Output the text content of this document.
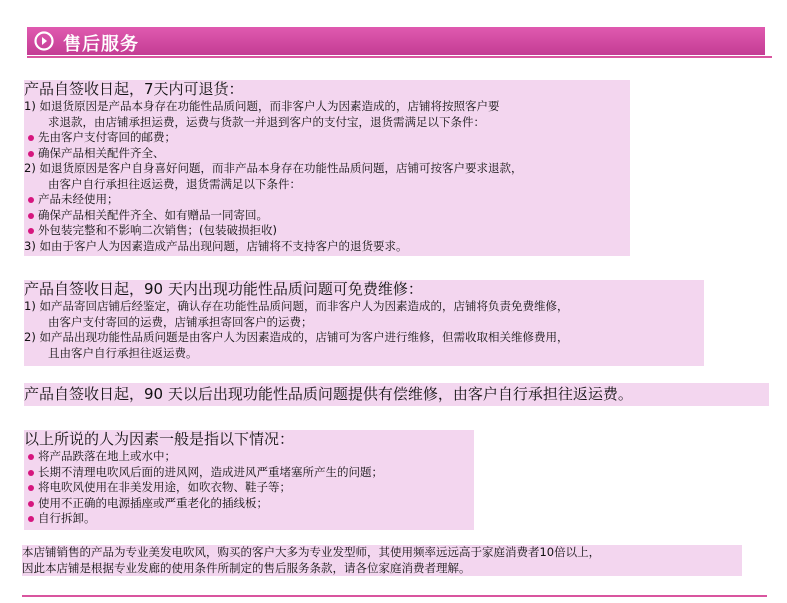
售后服务
产品自签收日起，7天内可退货：
1) 如退货原因是产品本身存在功能性品质问题，而非客户人为因素造成的，店铺将按照客户要
求退款，由店铺承担运费，运费与货款一并退到客户的支付宝，退货需满足以下条件：
先由客户支付寄回的邮费；
确保产品相关配件齐全、
2) 如退货原因是客户自身喜好问题，而非产品本身存在功能性品质问题，店铺可按客户要求退款，
由客户自行承担往返运费，退货需满足以下条件：
产品未经使用；
确保产品相关配件齐全、如有赠品一同寄回。
外包装完整和不影响二次销售；(包装破损拒收)
3) 如由于客户人为因素造成产品出现问题，店铺将不支持客户的退货要求。
产品自签收日起，90 天内出现功能性品质问题可免费维修：
1) 如产品寄回店铺后经鉴定，确认存在功能性品质问题，而非客户人为因素造成的，店铺将负责免费维修，
由客户支付寄回的运费，店铺承担寄回客户的运费；
2) 如产品出现功能性品质问题是由客户人为因素造成的，店铺可为客户进行维修，但需收取相关维修费用，
且由客户自行承担往返运费。
产品自签收日起，90 天以后出现功能性品质问题提供有偿维修，由客户自行承担往返运费。
以上所说的人为因素一般是指以下情况：
将产品跌落在地上或水中；
长期不清理电吹风后面的进风网，造成进风严重堵塞所产生的问题；
将电吹风使用在非美发用途，如吹衣物、鞋子等；
使用不正确的电源插座或严重老化的插线板；
自行拆卸。
本店铺销售的产品为专业美发电吹风，购买的客户大多为专业发型师，其使用频率远远高于家庭消费者10倍以上，
因此本店铺是根据专业发廊的使用条件所制定的售后服务条款，请各位家庭消费者理解。
